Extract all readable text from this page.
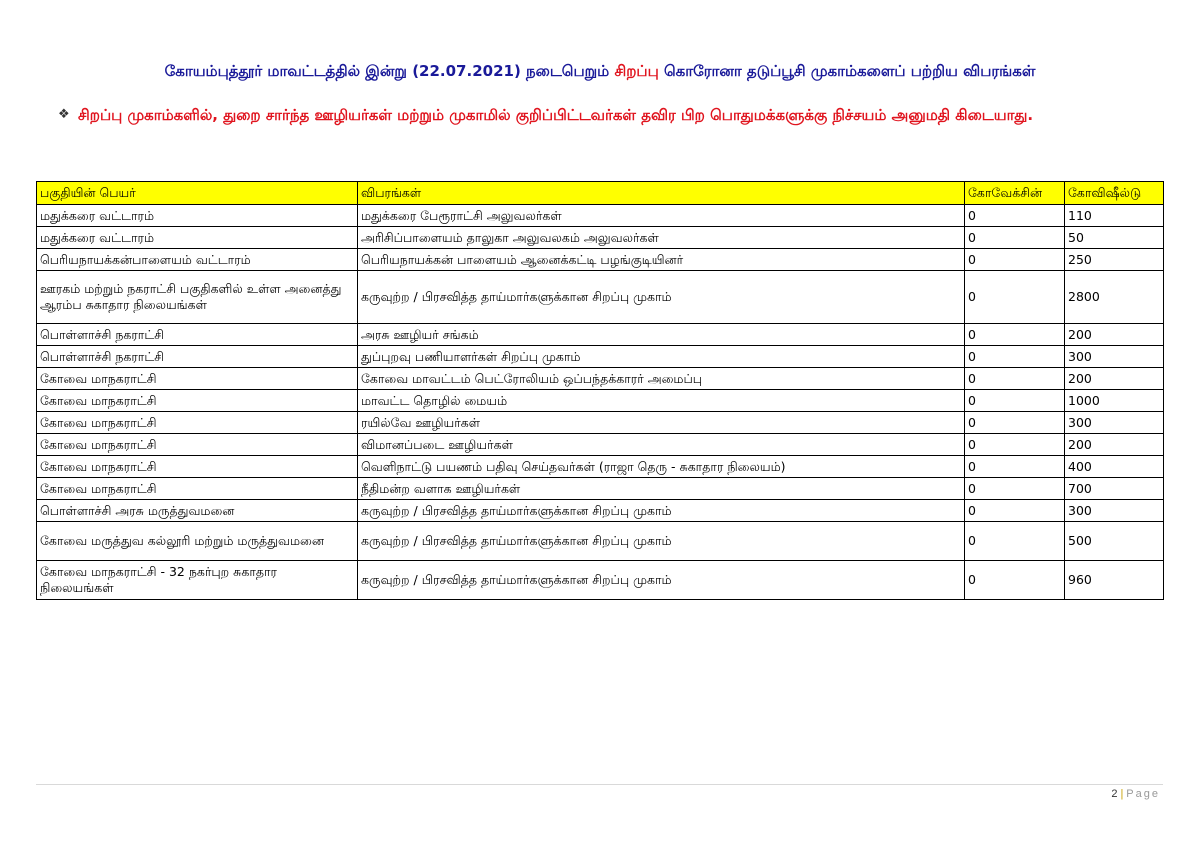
கோயம்புத்தூர் மாவட்டத்தில் இன்று (22.07.2021) நடைபெறும் சிறப்பு கொரோனா தடுப்பூசி முகாம்களைப் பற்றிய விபரங்கள்
❖ சிறப்பு முகாம்களில், துறை சார்ந்த ஊழியர்கள் மற்றும் முகாமில் குறிப்பிட்டவர்கள் தவிர பிற பொதுமக்களுக்கு நிச்சயம் அனுமதி கிடையாது.
பகுதியின் பெயர்	விபரங்கள்	கோவேக்சின்	கோவிஷீல்டு
மதுக்கரை வட்டாரம்	மதுக்கரை பேரூராட்சி அலுவலர்கள்	0	110
மதுக்கரை வட்டாரம்	அரிசிப்பாளையம் தாலுகா அலுவலகம் அலுவலர்கள்	0	50
பெரியநாயக்கன்பாளையம் வட்டாரம்	பெரியநாயக்கன் பாளையம் ஆனைக்கட்டி பழங்குடியினர்	0	250
ஊரகம் மற்றும் நகராட்சி பகுதிகளில் உள்ள அனைத்து ஆரம்ப சுகாதார நிலையங்கள்	கருவுற்ற / பிரசவித்த தாய்மார்களுக்கான சிறப்பு முகாம்	0	2800
பொள்ளாச்சி நகராட்சி	அரசு ஊழியர் சங்கம்	0	200
பொள்ளாச்சி நகராட்சி	துப்புறவு பணியாளர்கள் சிறப்பு முகாம்	0	300
கோவை மாநகராட்சி	கோவை மாவட்டம் பெட்ரோலியம் ஒப்பந்தக்காரர் அமைப்பு	0	200
கோவை மாநகராட்சி	மாவட்ட தொழில் மையம்	0	1000
கோவை மாநகராட்சி	ரயில்வே ஊழியர்கள்	0	300
கோவை மாநகராட்சி	விமானப்படை ஊழியர்கள்	0	200
கோவை மாநகராட்சி	வெளிநாட்டு பயணம் பதிவு செய்தவர்கள் (ராஜா தெரு - சுகாதார நிலையம்)	0	400
கோவை மாநகராட்சி	நீதிமன்ற வளாக ஊழியர்கள்	0	700
பொள்ளாச்சி அரசு மருத்துவமனை	கருவுற்ற / பிரசவித்த தாய்மார்களுக்கான சிறப்பு முகாம்	0	300
கோவை மருத்துவ கல்லூரி மற்றும் மருத்துவமனை	கருவுற்ற / பிரசவித்த தாய்மார்களுக்கான சிறப்பு முகாம்	0	500
கோவை மாநகராட்சி - 32 நகர்புற சுகாதார நிலையங்கள்	கருவுற்ற / பிரசவித்த தாய்மார்களுக்கான சிறப்பு முகாம்	0	960
2 | Page
